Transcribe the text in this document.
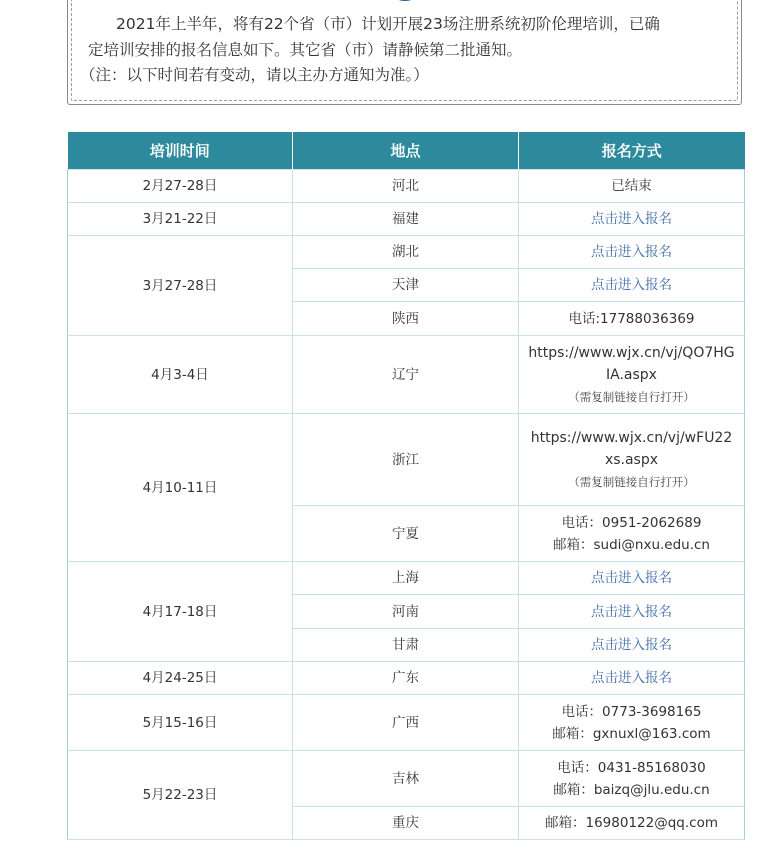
2021年上半年，将有22个省（市）计划开展23场注册系统初阶伦理培训，已确

定培训安排的报名信息如下。其它省（市）请静候第二批通知。

（注：以下时间若有变动，请以主办方通知为准。）

培训时间	地点	报名方式
2月27-28日	河北	已结束
3月21-22日	福建	点击进入报名
3月27-28日	湖北	点击进入报名
	天津	点击进入报名
	陕西	电话:17788036369
4月3-4日	辽宁	https://www.wjx.cn/vj/QO7HG
IA.aspx
（需复制链接自行打开）

4月10-11日	浙江	https://www.wjx.cn/vj/wFU22
xs.aspx
（需复制链接自行打开）

	宁夏	电话：0951-2062689
邮箱：sudi@nxu.edu.cn

4月17-18日	上海	点击进入报名
	河南	点击进入报名
	甘肃	点击进入报名
4月24-25日	广东	点击进入报名
5月15-16日	广西	电话：0773-3698165
邮箱：gxnuxl@163.com

5月22-23日	吉林	电话：0431-85168030
邮箱：baizq@jlu.edu.cn

	重庆	邮箱：16980122@qq.com
